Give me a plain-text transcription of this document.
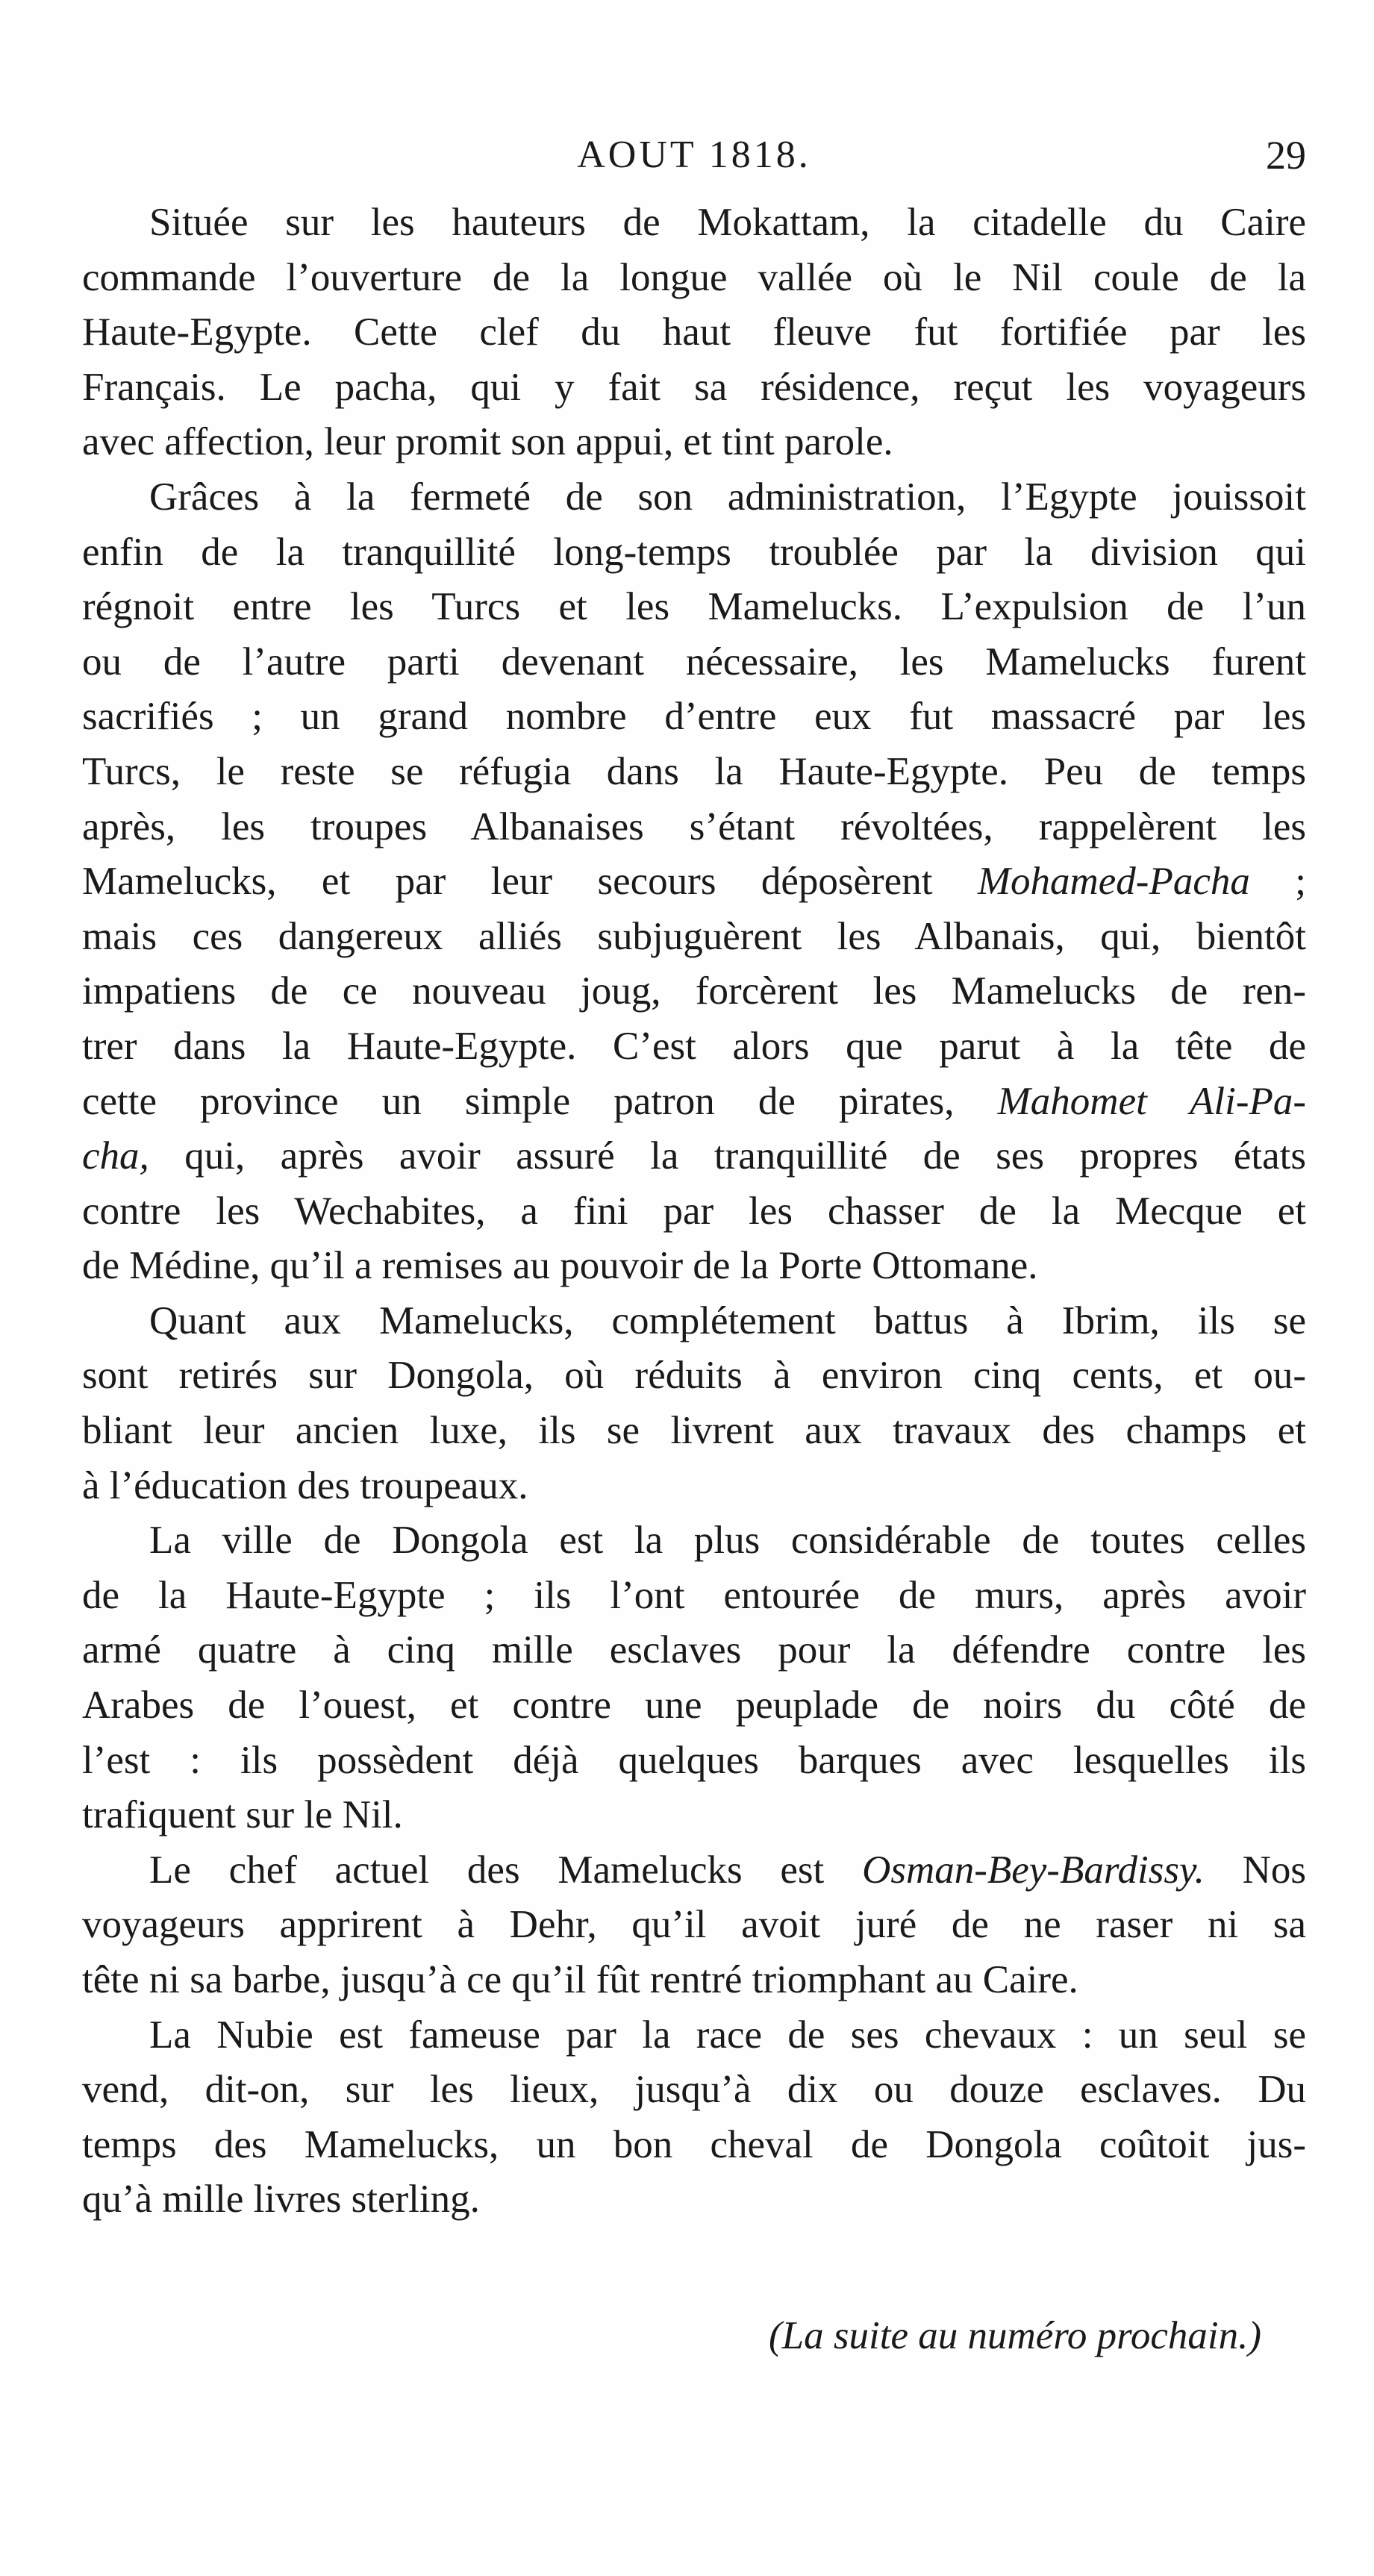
AOUT 1818.	29

Située sur les hauteurs de Mokattam, la citadelle du Caire
commande l’ouverture de la longue vallée où le Nil coule de la
Haute-Egypte. Cette clef du haut fleuve fut fortifiée par les
Français. Le pacha, qui y fait sa résidence, reçut les voyageurs
avec affection, leur promit son appui, et tint parole.

Grâces à la fermeté de son administration, l’Egypte jouissoit
enfin de la tranquillité long-temps troublée par la division qui
régnoit entre les Turcs et les Mamelucks. L’expulsion de l’un
ou de l’autre parti devenant nécessaire, les Mamelucks furent
sacrifiés ; un grand nombre d’entre eux fut massacré par les
Turcs, le reste se réfugia dans la Haute-Egypte. Peu de temps
après, les troupes Albanaises s’étant révoltées, rappelèrent les
Mamelucks, et par leur secours déposèrent Mohamed-Pacha ;
mais ces dangereux alliés subjuguèrent les Albanais, qui, bientôt
impatiens de ce nouveau joug, forcèrent les Mamelucks de ren-
trer dans la Haute-Egypte. C’est alors que parut à la tête de
cette province un simple patron de pirates, Mahomet Ali-Pa-
cha, qui, après avoir assuré la tranquillité de ses propres états
contre les Wechabites, a fini par les chasser de la Mecque et
de Médine, qu’il a remises au pouvoir de la Porte Ottomane.

Quant aux Mamelucks, complétement battus à Ibrim, ils se
sont retirés sur Dongola, où réduits à environ cinq cents, et ou-
bliant leur ancien luxe, ils se livrent aux travaux des champs et
à l’éducation des troupeaux.

La ville de Dongola est la plus considérable de toutes celles
de la Haute-Egypte ; ils l’ont entourée de murs, après avoir
armé quatre à cinq mille esclaves pour la défendre contre les
Arabes de l’ouest, et contre une peuplade de noirs du côté de
l’est : ils possèdent déjà quelques barques avec lesquelles ils
trafiquent sur le Nil.

Le chef actuel des Mamelucks est Osman-Bey-Bardissy. Nos
voyageurs apprirent à Dehr, qu’il avoit juré de ne raser ni sa
tête ni sa barbe, jusqu’à ce qu’il fût rentré triomphant au Caire.

La Nubie est fameuse par la race de ses chevaux : un seul se
vend, dit-on, sur les lieux, jusqu’à dix ou douze esclaves. Du
temps des Mamelucks, un bon cheval de Dongola coûtoit jus-
qu’à mille livres sterling.

(La suite au numéro prochain.)
